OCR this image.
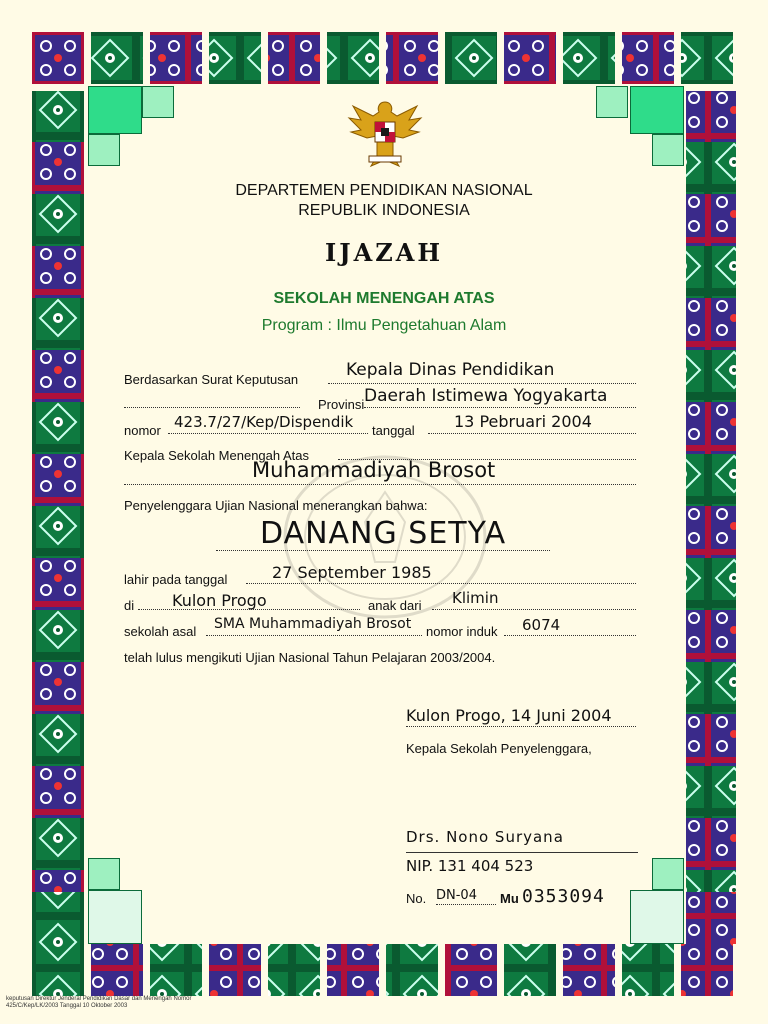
DEPARTEMEN PENDIDIKAN NASIONAL
REPUBLIK INDONESIA
IJAZAH
SEKOLAH MENENGAH ATAS
Program : Ilmu Pengetahuan Alam
Berdasarkan Surat Keputusan	Kepala Dinas Pendidikan
Provinsi Daerah Istimewa Yogyakarta
nomor 423.7/27/Kep/Dispendik tanggal 13 Pebruari 2004
Kepala Sekolah Menengah Atas
Muhammadiyah Brosot
Penyelenggara Ujian Nasional menerangkan bahwa:
DANANG SETYA
lahir pada tanggal	27 September 1985
di Kulon Progo	anak dari Klimin
sekolah asal SMA Muhammadiyah Brosot nomor induk 6074
telah lulus mengikuti Ujian Nasional Tahun Pelajaran 2003/2004.
Kulon Progo, 14 Juni 2004
Kepala Sekolah Penyelenggara,
Drs. Nono Suryana
NIP. 131 404 523
No. DN-04 Mu 0353094
keputusan Direktur Jenderal Pendidikan Dasar dan Menengah Nomor 425/C/Kep/LK/2003 Tanggal 10 Oktober 2003
